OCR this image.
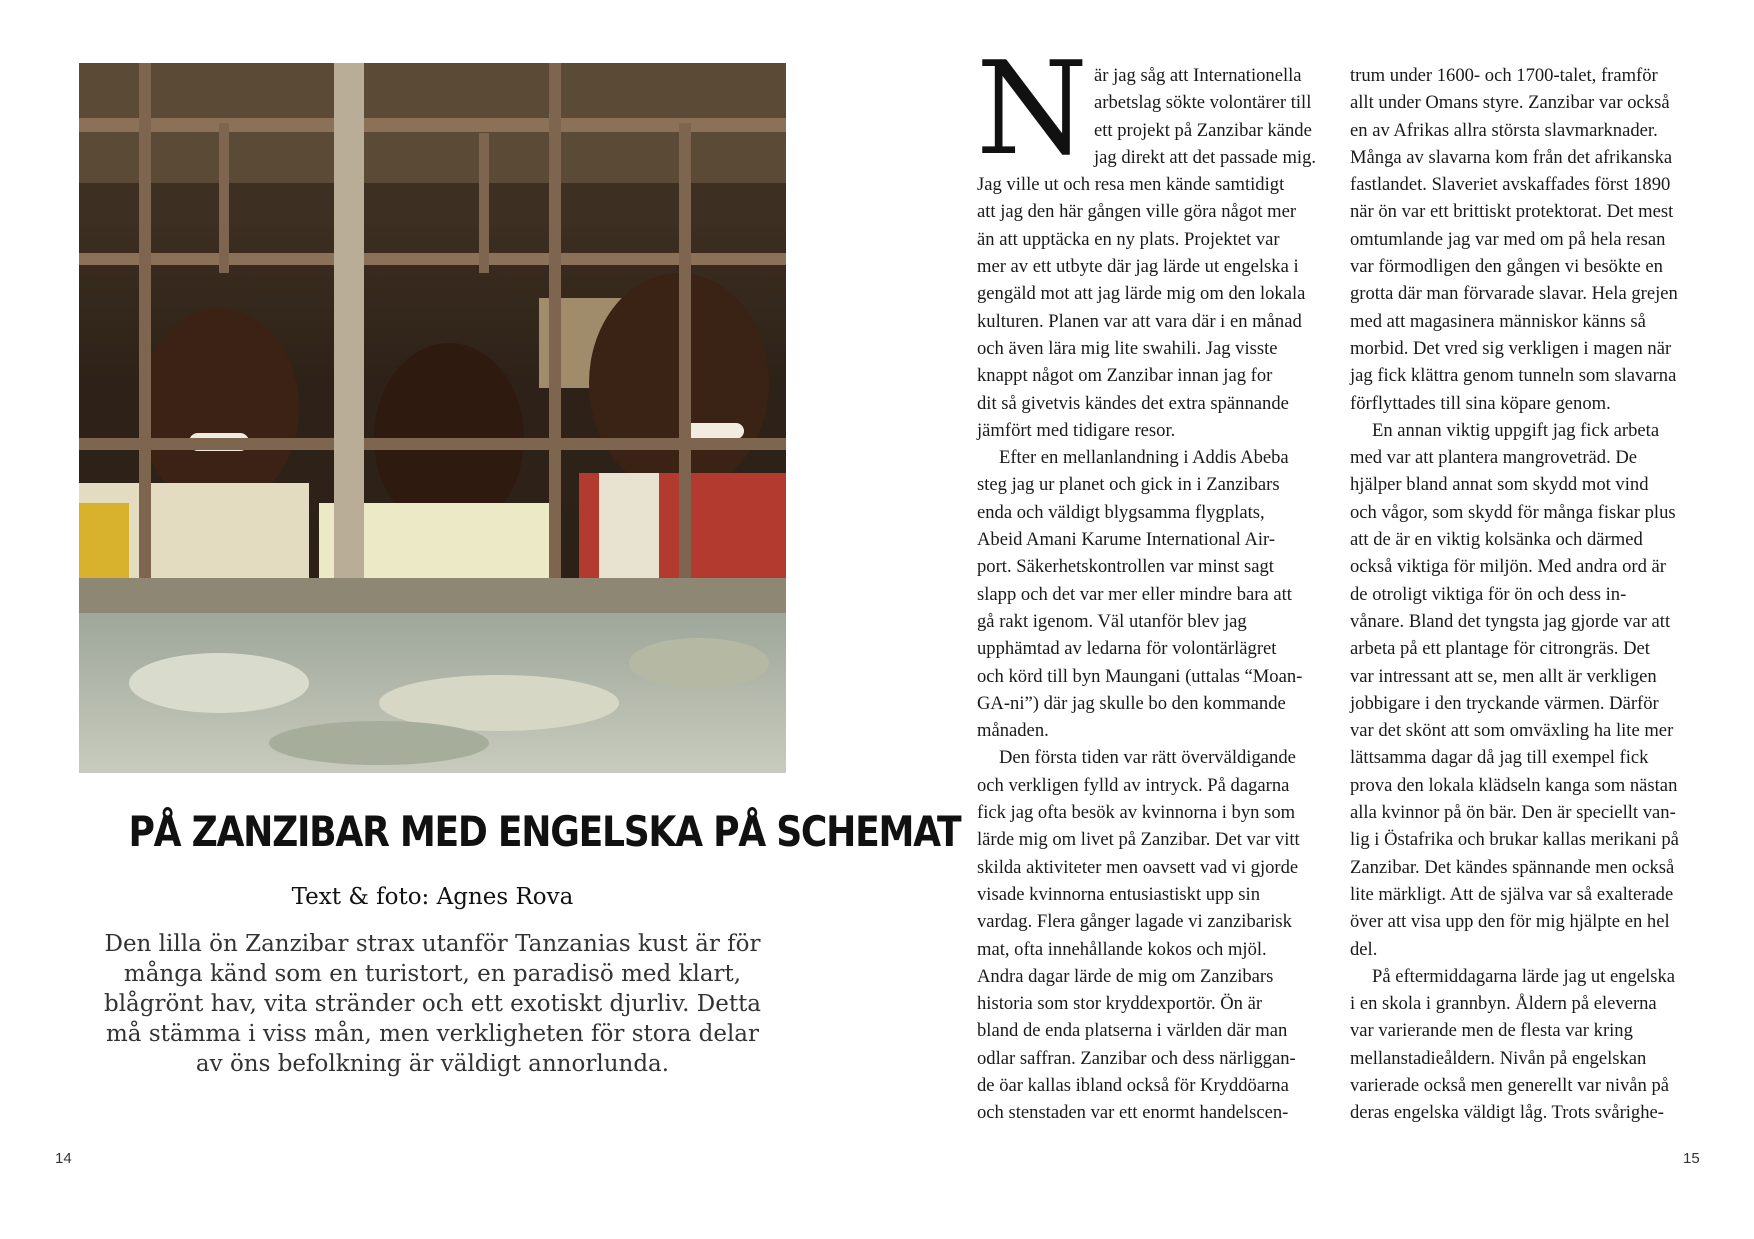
PÅ ZANZIBAR MED ENGELSKA PÅ SCHEMAT

Text & foto: Agnes Rova

Den lilla ön Zanzibar strax utanför Tanzanias kust är för många känd som en turistort, en paradisö med klart, blågrönt hav, vita stränder och ett exotiskt djurliv. Detta må stämma i viss mån, men verkligheten för stora delar av öns befolkning är väldigt annorlunda.

N är jag såg att Internationella
arbetslag sökte volontärer till
ett projekt på Zanzibar kände
jag direkt att det passade mig.
Jag ville ut och resa men kände samtidigt
att jag den här gången ville göra något mer
än att upptäcka en ny plats. Projektet var
mer av ett utbyte där jag lärde ut engelska i
gengäld mot att jag lärde mig om den lokala
kulturen. Planen var att vara där i en månad
och även lära mig lite swahili. Jag visste
knappt något om Zanzibar innan jag for
dit så givetvis kändes det extra spännande
jämfört med tidigare resor.

Efter en mellanlandning i Addis Abeba
steg jag ur planet och gick in i Zanzibars
enda och väldigt blygsamma flygplats,
Abeid Amani Karume International Air-
port. Säkerhetskontrollen var minst sagt
slapp och det var mer eller mindre bara att
gå rakt igenom. Väl utanför blev jag
upphämtad av ledarna för volontärlägret
och körd till byn Maungani (uttalas “Moan-
GA-ni”) där jag skulle bo den kommande
månaden.

Den första tiden var rätt överväldigande
och verkligen fylld av intryck. På dagarna
fick jag ofta besök av kvinnorna i byn som
lärde mig om livet på Zanzibar. Det var vitt
skilda aktiviteter men oavsett vad vi gjorde
visade kvinnorna entusiastiskt upp sin
vardag. Flera gånger lagade vi zanzibarisk
mat, ofta innehållande kokos och mjöl.
Andra dagar lärde de mig om Zanzibars
historia som stor kryddexportör. Ön är
bland de enda platserna i världen där man
odlar saffran. Zanzibar och dess närliggan-
de öar kallas ibland också för Kryddöarna
och stenstaden var ett enormt handelscen-

trum under 1600- och 1700-talet, framför
allt under Omans styre. Zanzibar var också
en av Afrikas allra största slavmarknader.
Många av slavarna kom från det afrikanska
fastlandet. Slaveriet avskaffades först 1890
när ön var ett brittiskt protektorat. Det mest
omtumlande jag var med om på hela resan
var förmodligen den gången vi besökte en
grotta där man förvarade slavar. Hela grejen
med att magasinera människor känns så
morbid. Det vred sig verkligen i magen när
jag fick klättra genom tunneln som slavarna
förflyttades till sina köpare genom.

En annan viktig uppgift jag fick arbeta
med var att plantera mangroveträd. De
hjälper bland annat som skydd mot vind
och vågor, som skydd för många fiskar plus
att de är en viktig kolsänka och därmed
också viktiga för miljön. Med andra ord är
de otroligt viktiga för ön och dess in-
vånare. Bland det tyngsta jag gjorde var att
arbeta på ett plantage för citrongräs. Det
var intressant att se, men allt är verkligen
jobbigare i den tryckande värmen. Därför
var det skönt att som omväxling ha lite mer
lättsamma dagar då jag till exempel fick
prova den lokala klädseln kanga som nästan
alla kvinnor på ön bär. Den är speciellt van-
lig i Östafrika och brukar kallas merikani på
Zanzibar. Det kändes spännande men också
lite märkligt. Att de själva var så exalterade
över att visa upp den för mig hjälpte en hel
del.

På eftermiddagarna lärde jag ut engelska
i en skola i grannbyn. Åldern på eleverna
var varierande men de flesta var kring
mellanstadieåldern. Nivån på engelskan
varierade också men generellt var nivån på
deras engelska väldigt låg. Trots svårighe-

14	15
